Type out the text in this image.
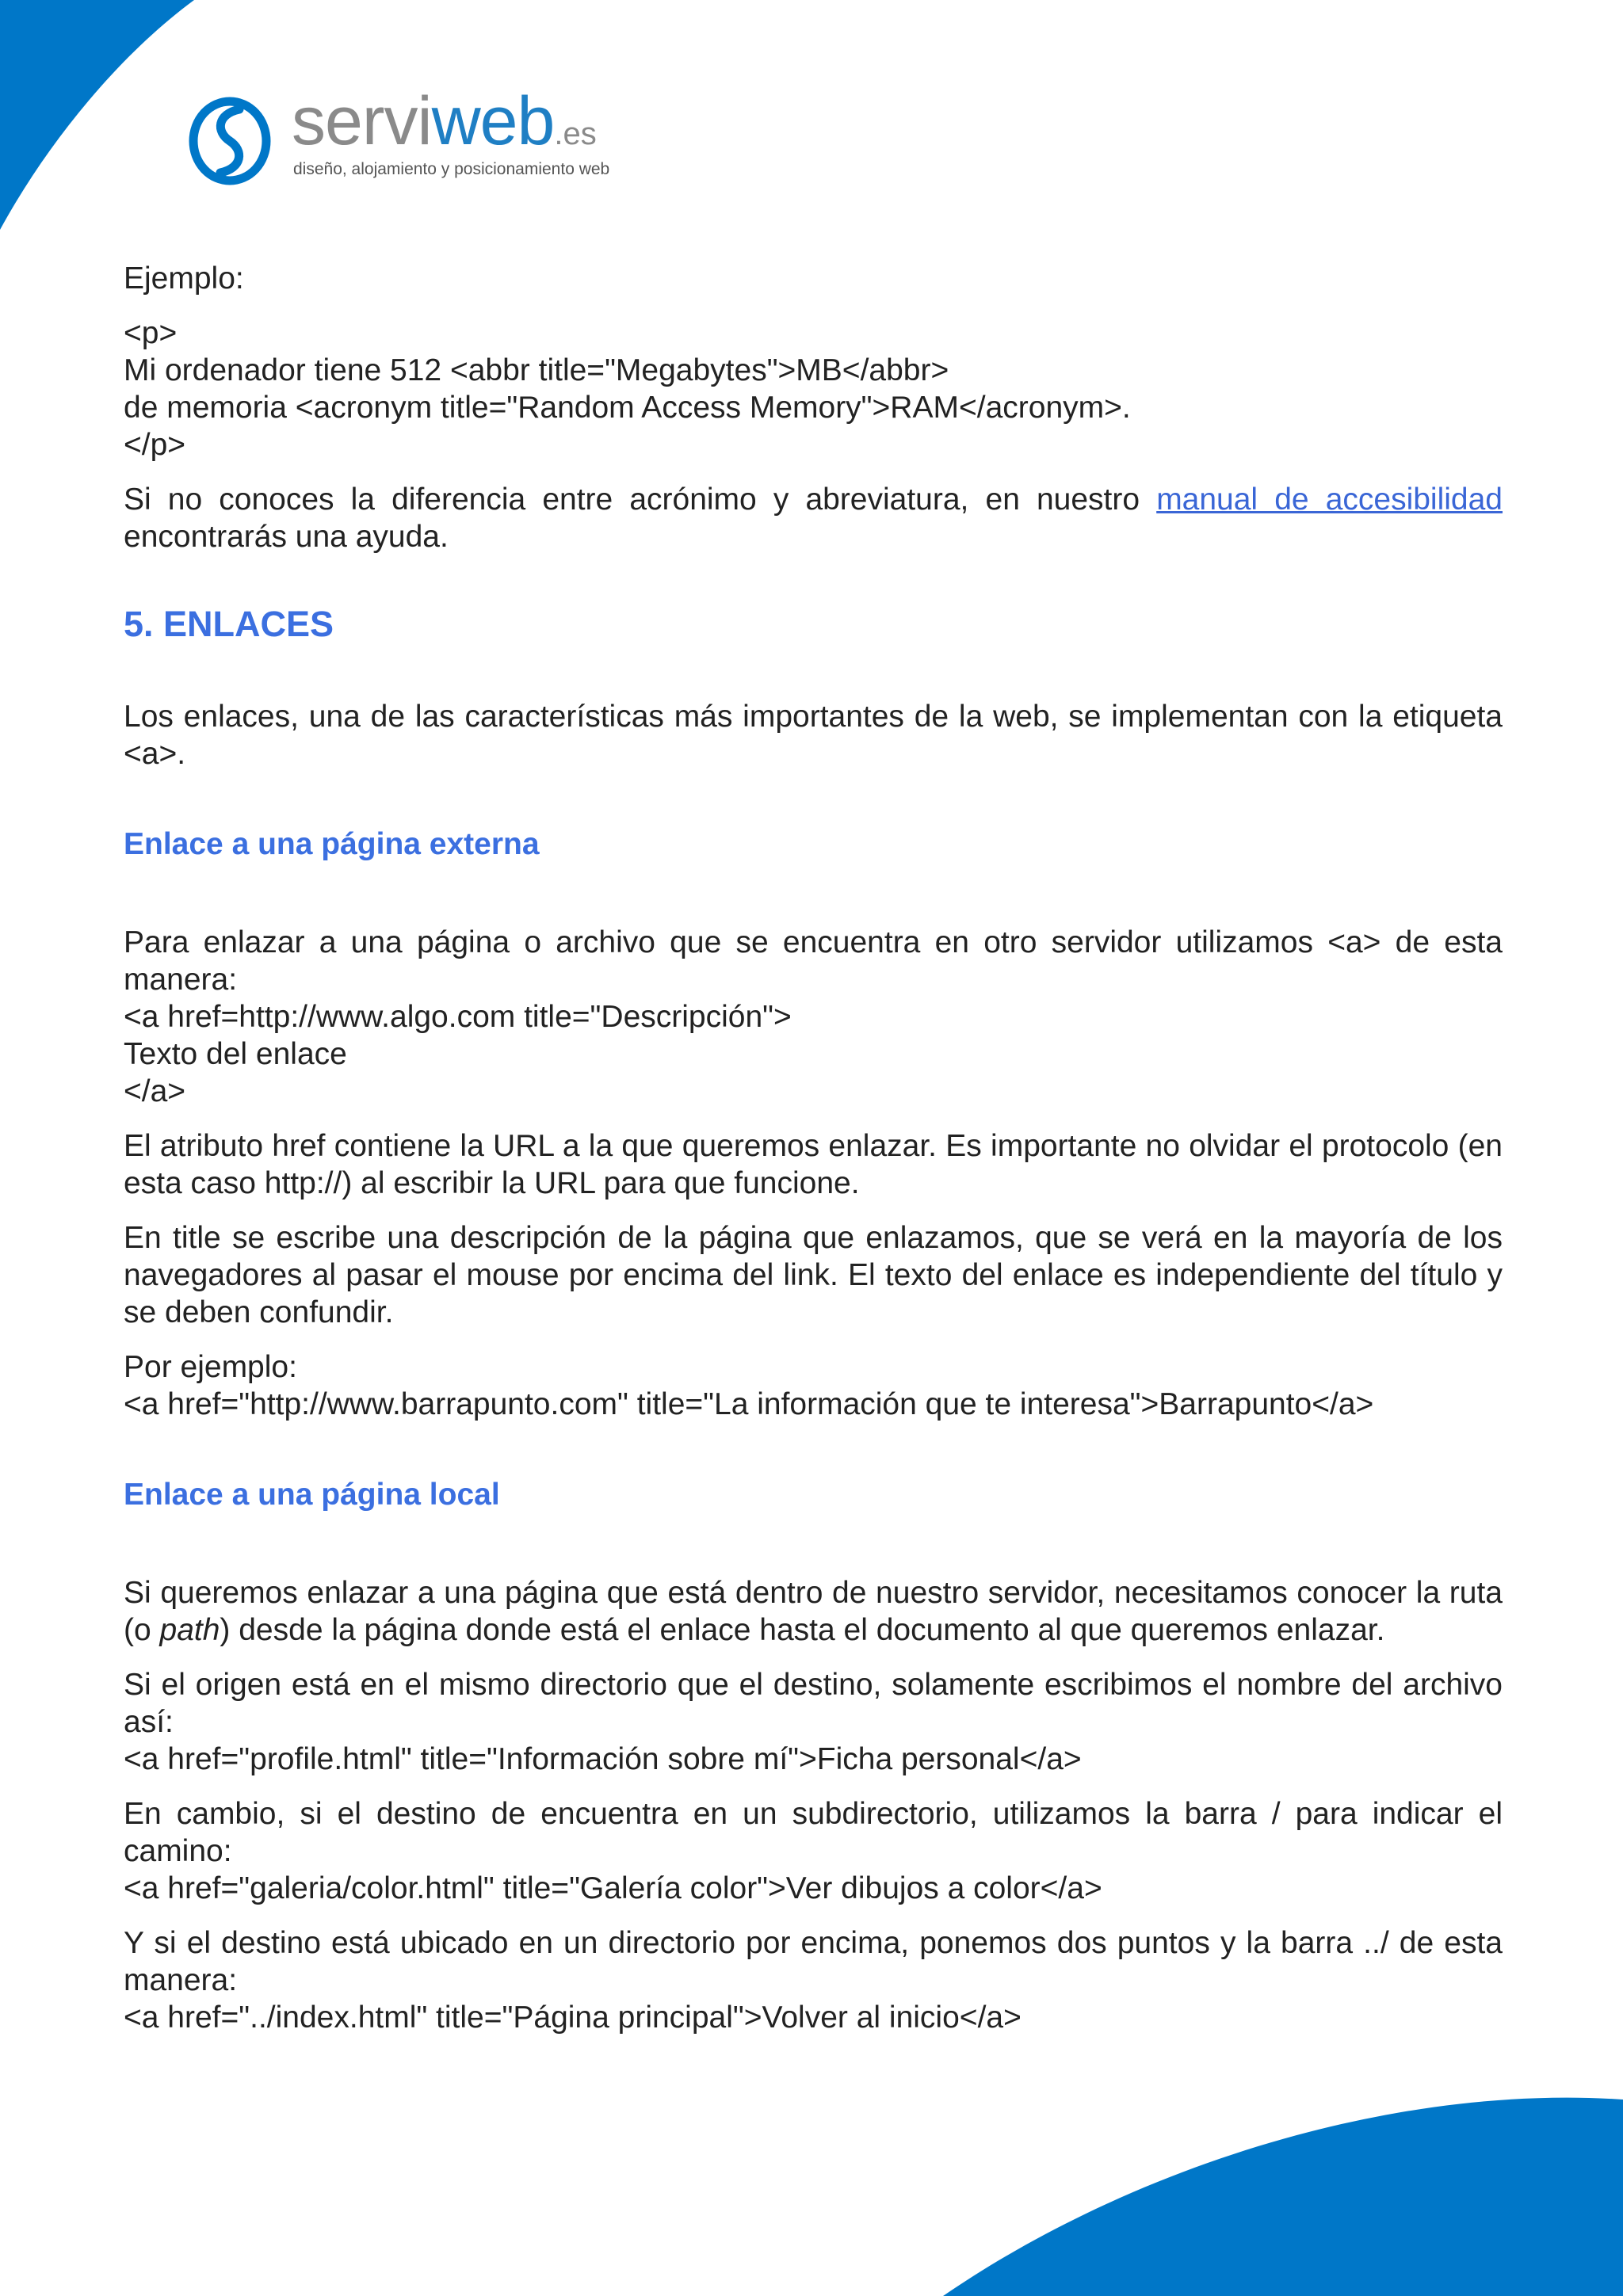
serviweb.es
diseño, alojamiento y posicionamiento web

Ejemplo:

<p>

Mi ordenador tiene 512 <abbr title="Megabytes">MB</abbr>

de memoria <acronym title="Random Access Memory">RAM</acronym>.

</p>

Si no conoces la diferencia entre acrónimo y abreviatura, en nuestro manual de accesibilidad encontrarás una ayuda.

5. ENLACES

Los enlaces, una de las características más importantes de la web, se implementan con la etiqueta <a>.

Enlace a una página externa

Para enlazar a una página o archivo que se encuentra en otro servidor utilizamos <a> de esta manera:

<a href=http://www.algo.com title="Descripción">

Texto del enlace

</a>

El atributo href contiene la URL a la que queremos enlazar. Es importante no olvidar el protocolo (en esta caso http://) al escribir la URL para que funcione.

En title se escribe una descripción de la página que enlazamos, que se verá en la mayoría de los navegadores al pasar el mouse por encima del link. El texto del enlace es independiente del título y se deben confundir.

Por ejemplo:

<a href="http://www.barrapunto.com" title="La información que te interesa">Barrapunto</a>

Enlace a una página local

Si queremos enlazar a una página que está dentro de nuestro servidor, necesitamos conocer la ruta (o path) desde la página donde está el enlace hasta el documento al que queremos enlazar.

Si el origen está en el mismo directorio que el destino, solamente escribimos el nombre del archivo así:

<a href="profile.html" title="Información sobre mí">Ficha personal</a>

En cambio, si el destino de encuentra en un subdirectorio, utilizamos la barra / para indicar el camino:

<a href="galeria/color.html" title="Galería color">Ver dibujos a color</a>

Y si el destino está ubicado en un directorio por encima, ponemos dos puntos y la barra ../ de esta manera:

<a href="../index.html" title="Página principal">Volver al inicio</a>
